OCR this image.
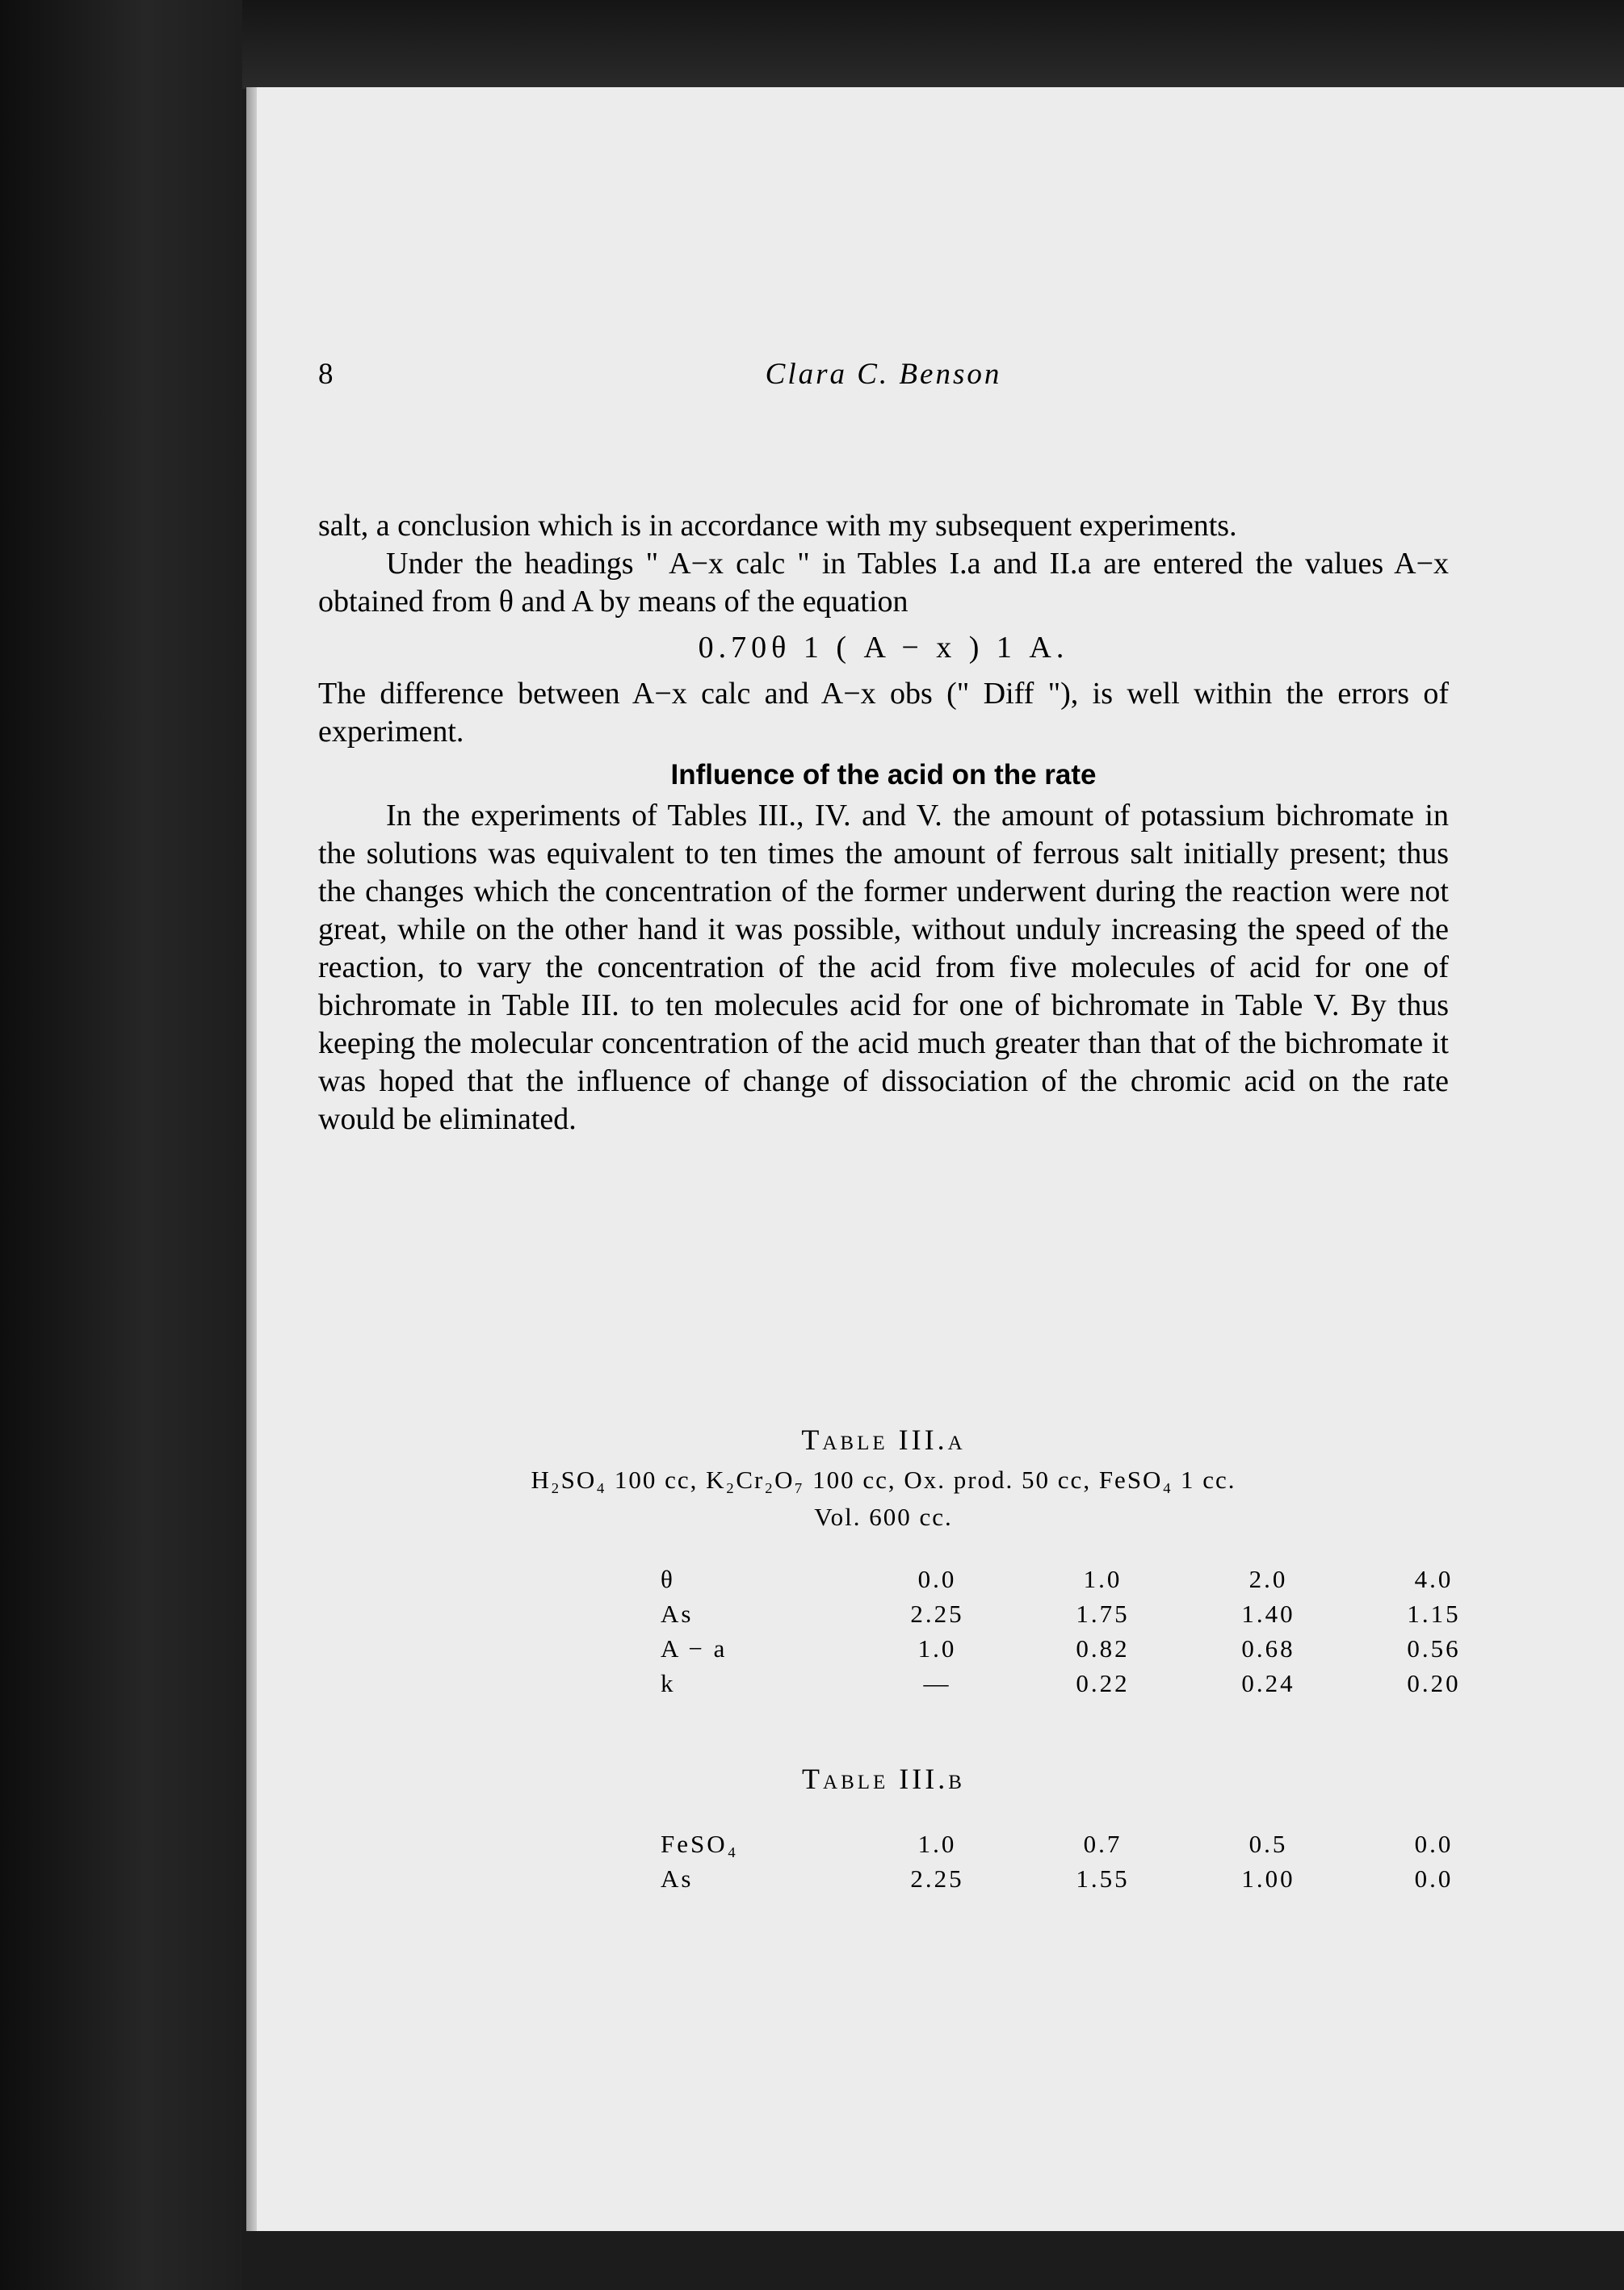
8	Clara C. Benson

salt, a conclusion which is in accordance with my subsequent experiments.

Under the headings " A−x calc " in Tables I.a and II.a are entered the values A−x obtained from θ and A by means of the equation

0.70θ 1 ( A − x ) 1 A.

The difference between A−x calc and A−x obs (" Diff "), is well within the errors of experiment.

Influence of the acid on the rate

In the experiments of Tables III., IV. and V. the amount of potassium bichromate in the solutions was equivalent to ten times the amount of ferrous salt initially present; thus the changes which the concentration of the former underwent during the reaction were not great, while on the other hand it was possible, without unduly increasing the speed of the reaction, to vary the concentration of the acid from five molecules of acid for one of bichromate in Table III. to ten molecules acid for one of bichromate in Table V. By thus keeping the molecular concentration of the acid much greater than that of the bichromate it was hoped that the influence of change of dissociation of the chromic acid on the rate would be eliminated.

Table III.a
H₂SO₄ 100 cc, K₂Cr₂O₇ 100 cc, Ox. prod. 50 cc, FeSO₄ 1 cc.
Vol. 600 cc.
θ	0.0	1.0	2.0	4.0
As	2.25	1.75	1.40	1.15
A − a	1.0	0.82	0.68	0.56
k	—	0.22	0.24	0.20
Table III.b
FeSO₄	1.0	0.7	0.5	0.0
As	2.25	1.55	1.00	0.0
